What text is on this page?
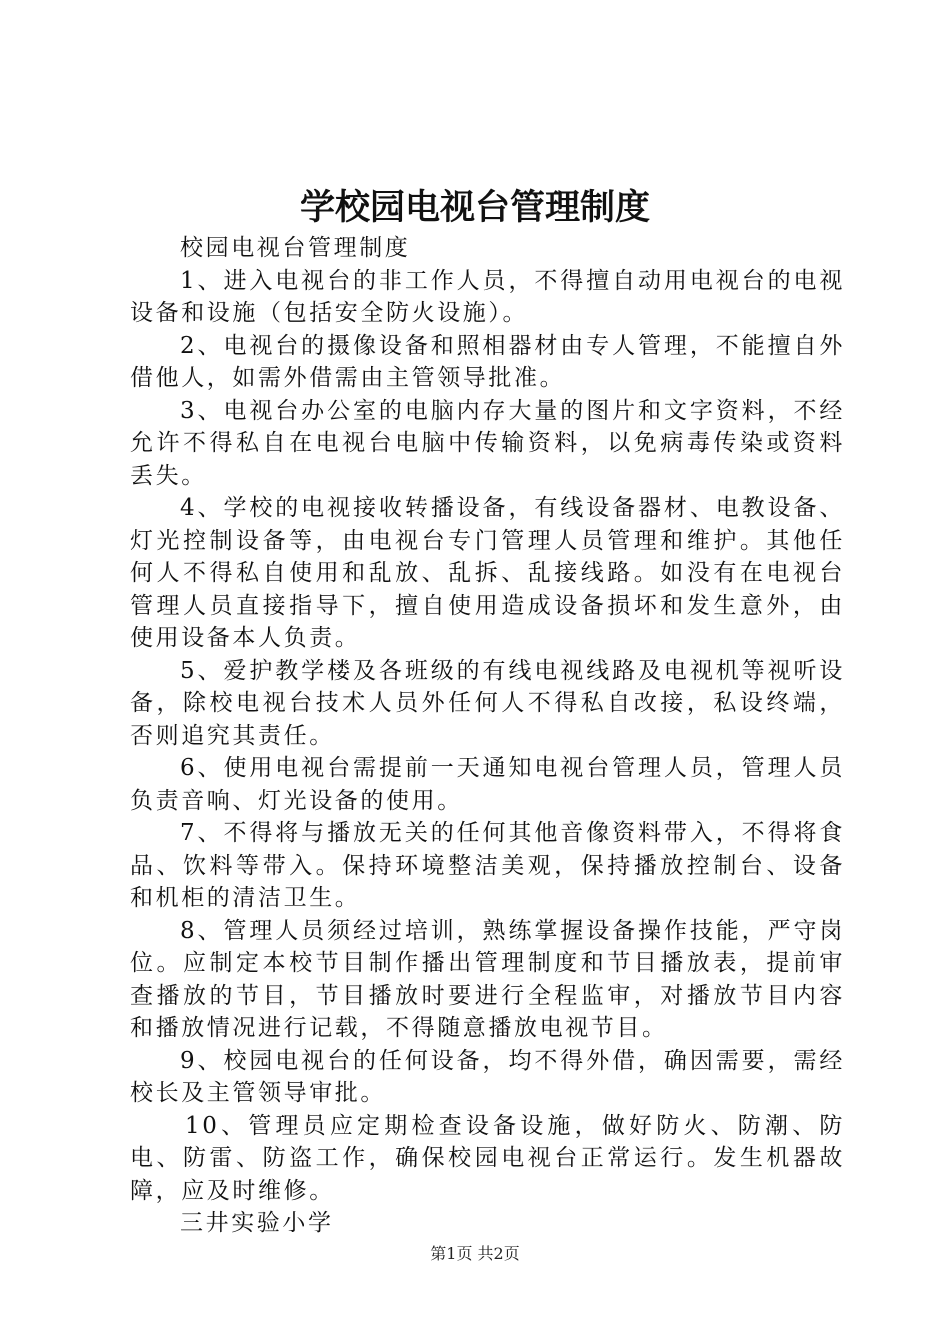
学校园电视台管理制度

校园电视台管理制度

1、进入电视台的非工作人员，不得擅自动用电视台的电视设备和设施（包括安全防火设施）。

2、电视台的摄像设备和照相器材由专人管理，不能擅自外借他人，如需外借需由主管领导批准。

3、电视台办公室的电脑内存大量的图片和文字资料，不经允许不得私自在电视台电脑中传输资料，以免病毒传染或资料丢失。

4、学校的电视接收转播设备，有线设备器材、电教设备、灯光控制设备等，由电视台专门管理人员管理和维护。其他任何人不得私自使用和乱放、乱拆、乱接线路。如没有在电视台管理人员直接指导下，擅自使用造成设备损坏和发生意外，由使用设备本人负责。

5、爱护教学楼及各班级的有线电视线路及电视机等视听设备，除校电视台技术人员外任何人不得私自改接，私设终端，否则追究其责任。

6、使用电视台需提前一天通知电视台管理人员，管理人员负责音响、灯光设备的使用。

7、不得将与播放无关的任何其他音像资料带入，不得将食品、饮料等带入。保持环境整洁美观，保持播放控制台、设备和机柜的清洁卫生。

8、管理人员须经过培训，熟练掌握设备操作技能，严守岗位。应制定本校节目制作播出管理制度和节目播放表，提前审查播放的节目，节目播放时要进行全程监审，对播放节目内容和播放情况进行记载，不得随意播放电视节目。

9、校园电视台的任何设备，均不得外借，确因需要，需经校长及主管领导审批。

10、管理员应定期检查设备设施，做好防火、防潮、防电、防雷、防盗工作，确保校园电视台正常运行。发生机器故障，应及时维修。

三井实验小学

第1页 共2页
